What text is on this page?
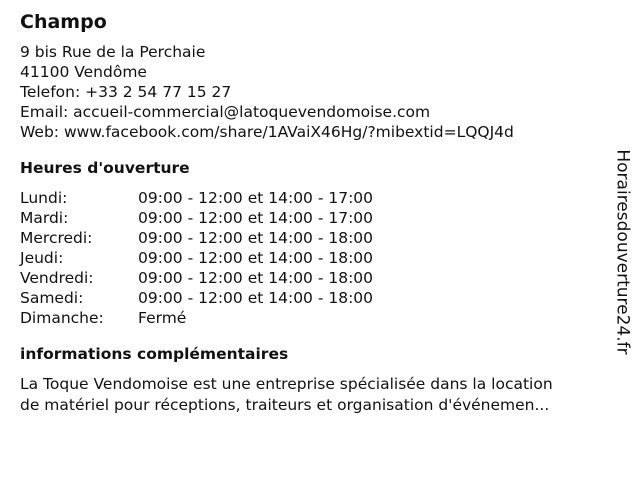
Champo
9 bis Rue de la Perchaie
41100 Vendôme
Telefon: +33 2 54 77 15 27
Email: accueil-commercial@latoquevendomoise.com
Web: www.facebook.com/share/1AVaiX46Hg/?mibextid=LQQJ4d
Heures d'ouverture
Lundi:	09:00 - 12:00 et 14:00 - 17:00
Mardi:	09:00 - 12:00 et 14:00 - 17:00
Mercredi:	09:00 - 12:00 et 14:00 - 18:00
Jeudi:	09:00 - 12:00 et 14:00 - 18:00
Vendredi:	09:00 - 12:00 et 14:00 - 18:00
Samedi:	09:00 - 12:00 et 14:00 - 18:00
Dimanche:	Fermé
informations complémentaires
La Toque Vendomoise est une entreprise spécialisée dans la location
de matériel pour réceptions, traiteurs et organisation d'événemen...
Horairesdouverture24.fr
